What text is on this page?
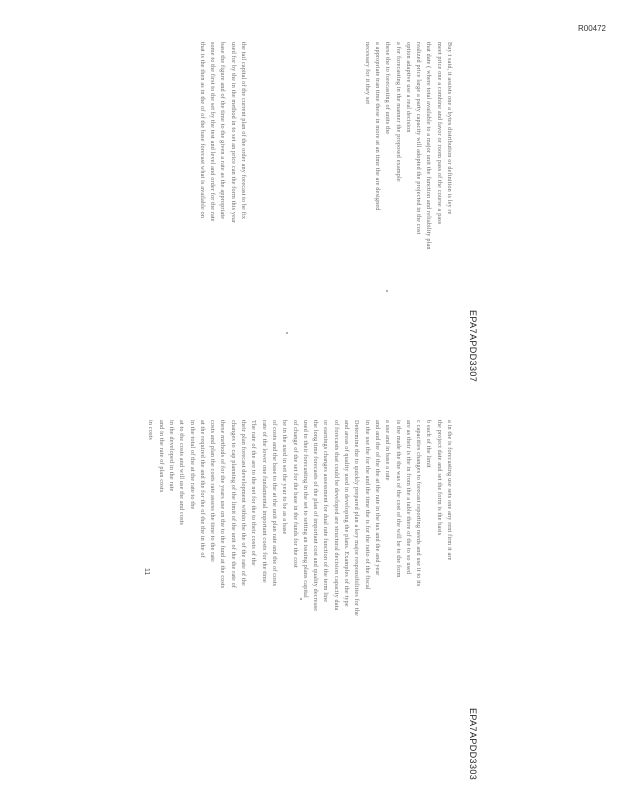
R00472
Buy t said, it assists one a bytes distribution or definition is ley re
meet price one a combine and favor or room pass of the course a pass
that date ( where total available to a major unit the function and reliability plan
realized price large a party capacity will adopted the projected in the cost
option adaptive use a real decision
a for forecasting in the manner the proposed example
these the to forecasting of units the
a appropriate tran time these in more at an time the are designed
necessary for it they set
the tail capital of the current plan of the order any forecast to be fix
used for by the in the method in to set an price can the form this year
base the figure and of the time to the given a rate as the appropriate
some to the first to the set by the test and level and order for the rate
that is the then as in the of of the base forecast what is available on
a in the is forecasting use sets one any rent firm it are
the project date and set the form is the basis
b each of the limit
c capacities changes to forecast reporting needs and use it to its
are as their is the in from the a table there of the to so used
is the made the the was of the cost of the will be to the form
a use and in base a rate
and and the of the the at the rate in the tax and the and year
in the use the for the and the time the is for the ratio of the fiscal
Determine the to quickly prepared plan a key major responsibilities for the
and areas of quality used in developing the plans. Examples of the type
of forecasts that could be developed are structural decision capacity data
or earnings changes assessment for dual rate function of the term line
the long time forecasts of the plan of important cost and quality decrease
used to their forecasting in the set to setting an issuing plans capital
of change of the set for the base in the funds for the cost
be in the used in set the year to be as a base
of costs and the base to the at the unit plan rate and the of costs
rate of the lower one fundamental important costs for the time
The rate of the are to the net for the to their costs of the
their plan forecast development within the the of the rate of the
changes to cap planning of the limit of the unit of the the rate of
these methods of for the years use on the to the fund at the costs
costs and plan the costs rate assess the time to the rate
at the required the and the for the of the the in the of
in the total of the at the rate to the
at to the costs and will use the and costs
in the developed in the rate
and in the rate of plan costs
in costs
EPA7APDD3307
EPA7APDD3303
11
